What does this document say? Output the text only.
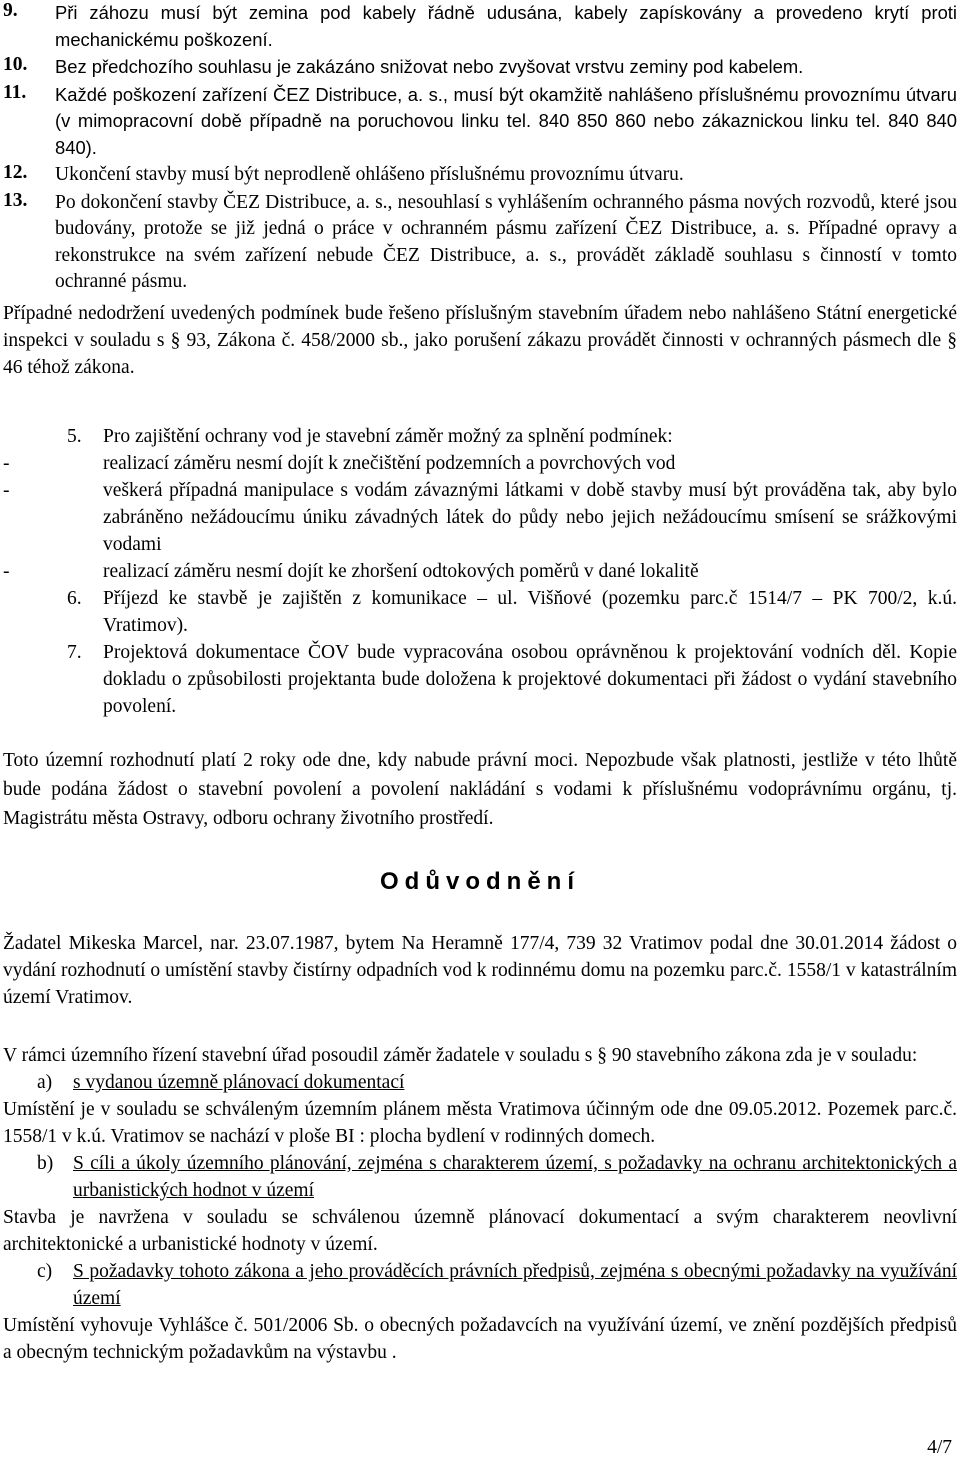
9.	Při záhozu musí být zemina pod kabely řádně udusána, kabely zapískovány a provedeno krytí proti mechanickému poškození.
10.	Bez předchozího souhlasu je zakázáno snižovat nebo zvyšovat vrstvu zeminy pod kabelem.
11.	Každé poškození zařízení ČEZ Distribuce, a. s., musí být okamžitě nahlášeno příslušnému provoznímu útvaru (v mimopracovní době případně na poruchovou linku tel. 840 850 860 nebo zákaznickou linku tel. 840 840 840).
12.	Ukončení stavby musí být neprodleně ohlášeno příslušnému provoznímu útvaru.
13.	Po dokončení stavby ČEZ Distribuce, a. s., nesouhlasí s vyhlášením ochranného pásma nových rozvodů, které jsou budovány, protože se již jedná o práce v ochranném pásmu zařízení ČEZ Distribuce, a. s. Případné opravy a rekonstrukce na svém zařízení nebude ČEZ Distribuce, a. s., provádět základě souhlasu s činností v tomto ochranné pásmu.

Případné nedodržení uvedených podmínek bude řešeno příslušným stavebním úřadem nebo nahlášeno Státní energetické inspekci v souladu s § 93, Zákona č. 458/2000 sb., jako porušení zákazu provádět činnosti v ochranných pásmech dle § 46 téhož zákona.

5.	Pro zajištění ochrany vod je stavební záměr možný za splnění podmínek:
-	realizací záměru nesmí dojít k znečištění podzemních a povrchových vod
-	veškerá případná manipulace s vodám závaznými látkami v době stavby musí být prováděna tak, aby bylo zabráněno nežádoucímu úniku závadných látek do půdy nebo jejich nežádoucímu smísení se srážkovými vodami
-	realizací záměru nesmí dojít ke zhoršení odtokových poměrů v dané lokalitě
6.	Příjezd ke stavbě je zajištěn z komunikace – ul. Višňové (pozemku parc.č 1514/7 – PK 700/2, k.ú. Vratimov).
7.	Projektová dokumentace ČOV bude vypracována osobou oprávněnou k projektování vodních děl. Kopie dokladu o způsobilosti projektanta bude doložena k projektové dokumentaci při žádost o vydání stavebního povolení.

Toto územní rozhodnutí platí 2 roky ode dne, kdy nabude právní moci. Nepozbude však platnosti, jestliže v této lhůtě bude podána žádost o stavební povolení a povolení nakládání s vodami k příslušnému vodoprávnímu orgánu, tj. Magistrátu města Ostravy, odboru ochrany životního prostředí.

Odůvodnění

Žadatel Mikeska Marcel, nar. 23.07.1987, bytem Na Heramně 177/4, 739 32 Vratimov podal dne 30.01.2014 žádost o vydání rozhodnutí o umístění stavby čistírny odpadních vod k rodinnému domu na pozemku parc.č. 1558/1 v katastrálním území Vratimov.

V rámci územního řízení stavební úřad posoudil záměr žadatele v souladu s § 90 stavebního zákona zda je v souladu:
a)	s vydanou územně plánovací dokumentací
Umístění je v souladu se schváleným územním plánem města Vratimova účinným ode dne 09.05.2012. Pozemek parc.č. 1558/1 v k.ú. Vratimov se nachází v ploše BI : plocha bydlení v rodinných domech.
b)	S cíli a úkoly územního plánování, zejména s charakterem území, s požadavky na ochranu architektonických a urbanistických hodnot v území
Stavba je navržena v souladu se schválenou územně plánovací dokumentací a svým charakterem neovlivní architektonické a urbanistické hodnoty v území.
c)	S požadavky tohoto zákona a jeho prováděcích právních předpisů, zejména s obecnými požadavky na využívání území
Umístění vyhovuje Vyhlášce č. 501/2006 Sb. o obecných požadavcích na využívání území, ve znění pozdějších předpisů a obecným technickým požadavkům na výstavbu .
4/7
